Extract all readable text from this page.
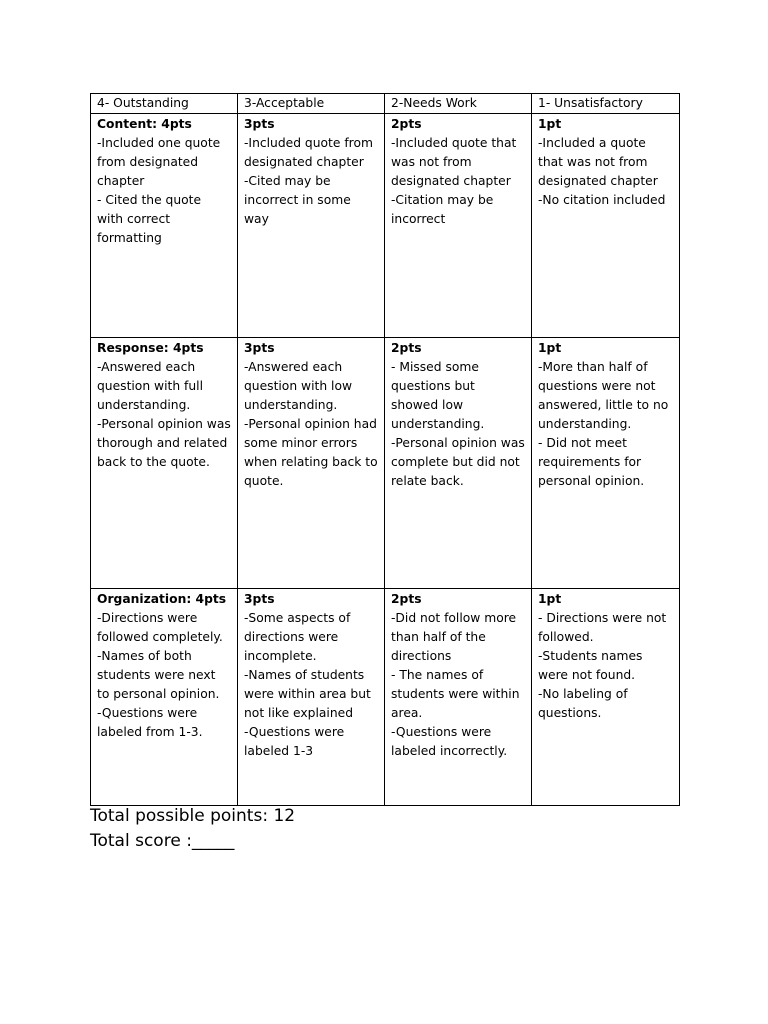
4- Outstanding	3-Acceptable	2-Needs Work	1- Unsatisfactory

Content: 4pts
-Included one quote from designated chapter
- Cited the quote with correct formatting	3pts
-Included quote from designated chapter
-Cited may be incorrect in some way	2pts
-Included quote that was not from designated chapter
-Citation may be incorrect	1pt
-Included a quote that was not from designated chapter
-No citation included

Response: 4pts
-Answered each question with full understanding.
-Personal opinion was thorough and related back to the quote.	3pts
-Answered each question with low understanding.
-Personal opinion had some minor errors when relating back to quote.	2pts
- Missed some questions but showed low understanding.
-Personal opinion was complete but did not relate back.	1pt
-More than half of questions were not answered, little to no understanding.
- Did not meet requirements for personal opinion.

Organization: 4pts
-Directions were followed completely.
-Names of both students were next to personal opinion.
-Questions were labeled from 1-3.	3pts
-Some aspects of directions were incomplete.
-Names of students were within area but not like explained
-Questions were labeled 1-3	2pts
-Did not follow more than half of the directions
- The names of students were within area.
-Questions were labeled incorrectly.	1pt
- Directions were not followed.
-Students names were not found.
-No labeling of questions.
Total possible points: 12
Total score :_____
